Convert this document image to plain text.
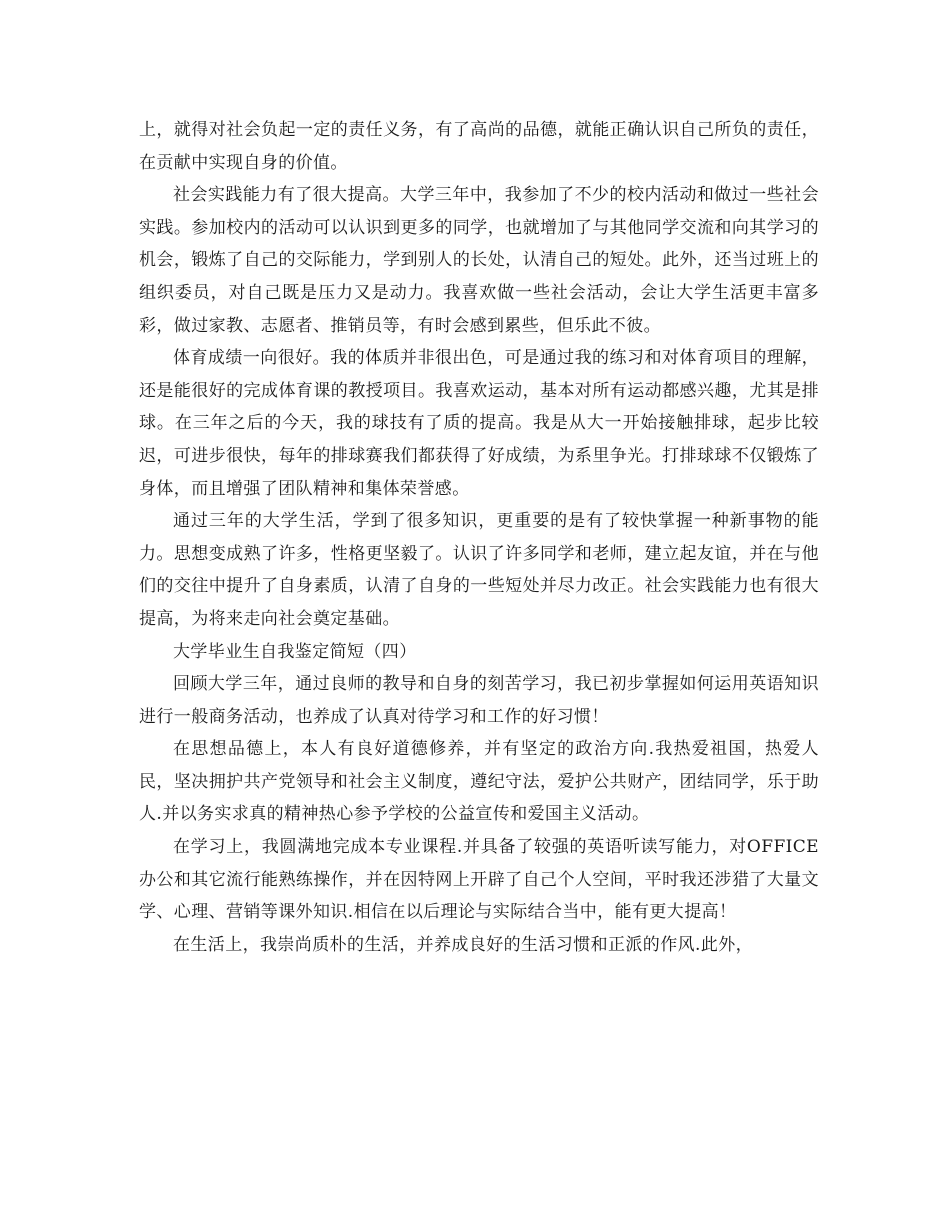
上，就得对社会负起一定的责任义务，有了高尚的品德，就能正确认识自己所负的责任，在贡献中实现自身的价值。

社会实践能力有了很大提高。大学三年中，我参加了不少的校内活动和做过一些社会实践。参加校内的活动可以认识到更多的同学，也就增加了与其他同学交流和向其学习的机会，锻炼了自己的交际能力，学到别人的长处，认清自己的短处。此外，还当过班上的组织委员，对自己既是压力又是动力。我喜欢做一些社会活动，会让大学生活更丰富多彩，做过家教、志愿者、推销员等，有时会感到累些，但乐此不彼。

体育成绩一向很好。我的体质并非很出色，可是通过我的练习和对体育项目的理解，还是能很好的完成体育课的教授项目。我喜欢运动，基本对所有运动都感兴趣，尤其是排球。在三年之后的今天，我的球技有了质的提高。我是从大一开始接触排球，起步比较迟，可进步很快，每年的排球赛我们都获得了好成绩，为系里争光。打排球球不仅锻炼了身体，而且增强了团队精神和集体荣誉感。

通过三年的大学生活，学到了很多知识，更重要的是有了较快掌握一种新事物的能力。思想变成熟了许多，性格更坚毅了。认识了许多同学和老师，建立起友谊，并在与他们的交往中提升了自身素质，认清了自身的一些短处并尽力改正。社会实践能力也有很大提高，为将来走向社会奠定基础。

大学毕业生自我鉴定简短（四）

回顾大学三年，通过良师的教导和自身的刻苦学习，我已初步掌握如何运用英语知识进行一般商务活动，也养成了认真对待学习和工作的好习惯！

在思想品德上，本人有良好道德修养，并有坚定的政治方向.我热爱祖国，热爱人民，坚决拥护共产党领导和社会主义制度，遵纪守法，爱护公共财产，团结同学，乐于助人.并以务实求真的精神热心参予学校的公益宣传和爱国主义活动。

在学习上，我圆满地完成本专业课程.并具备了较强的英语听读写能力，对OFFICE办公和其它流行能熟练操作，并在因特网上开辟了自己个人空间，平时我还涉猎了大量文学、心理、营销等课外知识.相信在以后理论与实际结合当中，能有更大提高！

在生活上，我崇尚质朴的生活，并养成良好的生活习惯和正派的作风.此外，
